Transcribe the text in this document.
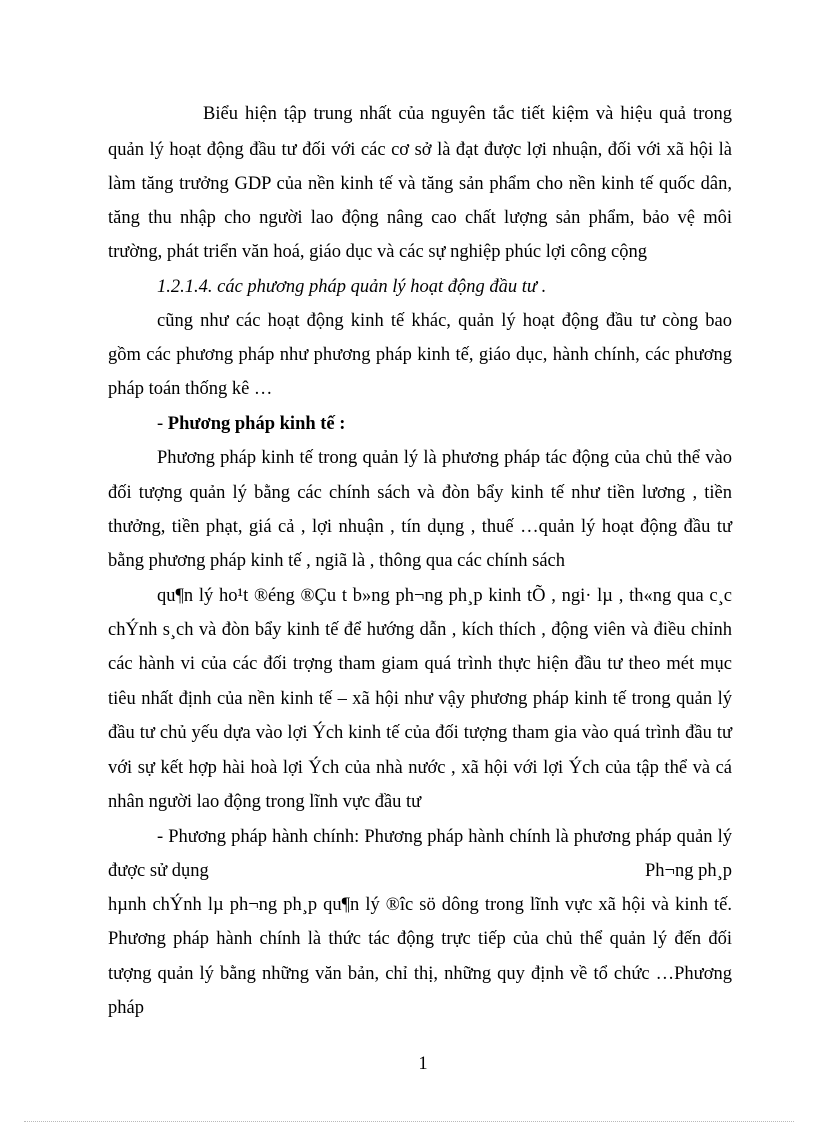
Biểu hiện tập trung nhất của nguyên tắc tiết kiệm và hiệu quả trong
quản lý hoạt động đầu tư đối với các cơ sở là đạt được lợi nhuận, đối với xã hội là
làm tăng trưởng GDP của nền kinh tế và tăng sản phẩm cho nền kinh tế quốc dân,
tăng thu nhập cho người lao động nâng cao chất lượng sản phẩm, bảo vệ môi
trường, phát triển văn hoá, giáo dục và các sự nghiệp phúc lợi công cộng
1.2.1.4. các phương pháp quản lý hoạt động đầu tư .
cũng như các hoạt động kinh tế khác, quản lý hoạt động đầu tư còng bao
gồm các phương pháp như phương pháp kinh tế, giáo dục, hành chính, các phương
pháp toán thống kê …
- Phương pháp kinh tế :
Phương pháp kinh tế trong quản lý là phương pháp tác động của chủ thể vào
đối tượng quản lý bằng các chính sách và đòn bẩy kinh tế như tiền lương , tiền
thưởng, tiền phạt, giá cả , lợi nhuận , tín dụng , thuế …quản lý hoạt động đầu tư
bằng phương pháp kinh tế , ngiã là , thông qua các chính sách
qu¶n lý ho¹t ®éng ®Çu t b»ng ph¬ng ph¸p kinh tÕ , ngi· lµ , th«ng qua c¸c
chÝnh s¸ch và đòn bẩy kinh tế để hướng dẫn , kích thích , động viên và điều chỉnh
các hành vi của các đối trợng tham giam quá trình thực hiện đầu tư theo mét mục
tiêu nhất định của nền kinh tế – xã hội như vậy phương pháp kinh tế trong quản lý
đầu tư chủ yếu dựa vào lợi Ých kinh tế của đối tượng tham gia vào quá trình đầu tư
với sự kết hợp hài hoà lợi Ých của nhà nước , xã hội với lợi Ých của tập thể và cá
nhân người lao động trong lĩnh vực đầu tư
- Phương pháp hành chính: Phương pháp hành chính là phương pháp quản lý
được sử dụng	Ph¬ng ph¸p
hµnh chÝnh lµ ph¬ng ph¸p qu¶n lý ®îc sö dông trong lĩnh vực xã hội và kinh tế.
Phương pháp hành chính là thức tác động trực tiếp của chủ thể quản lý đến đối
tượng quản lý bằng những văn bản, chỉ thị, những quy định về tổ chức …Phương
pháp
1
